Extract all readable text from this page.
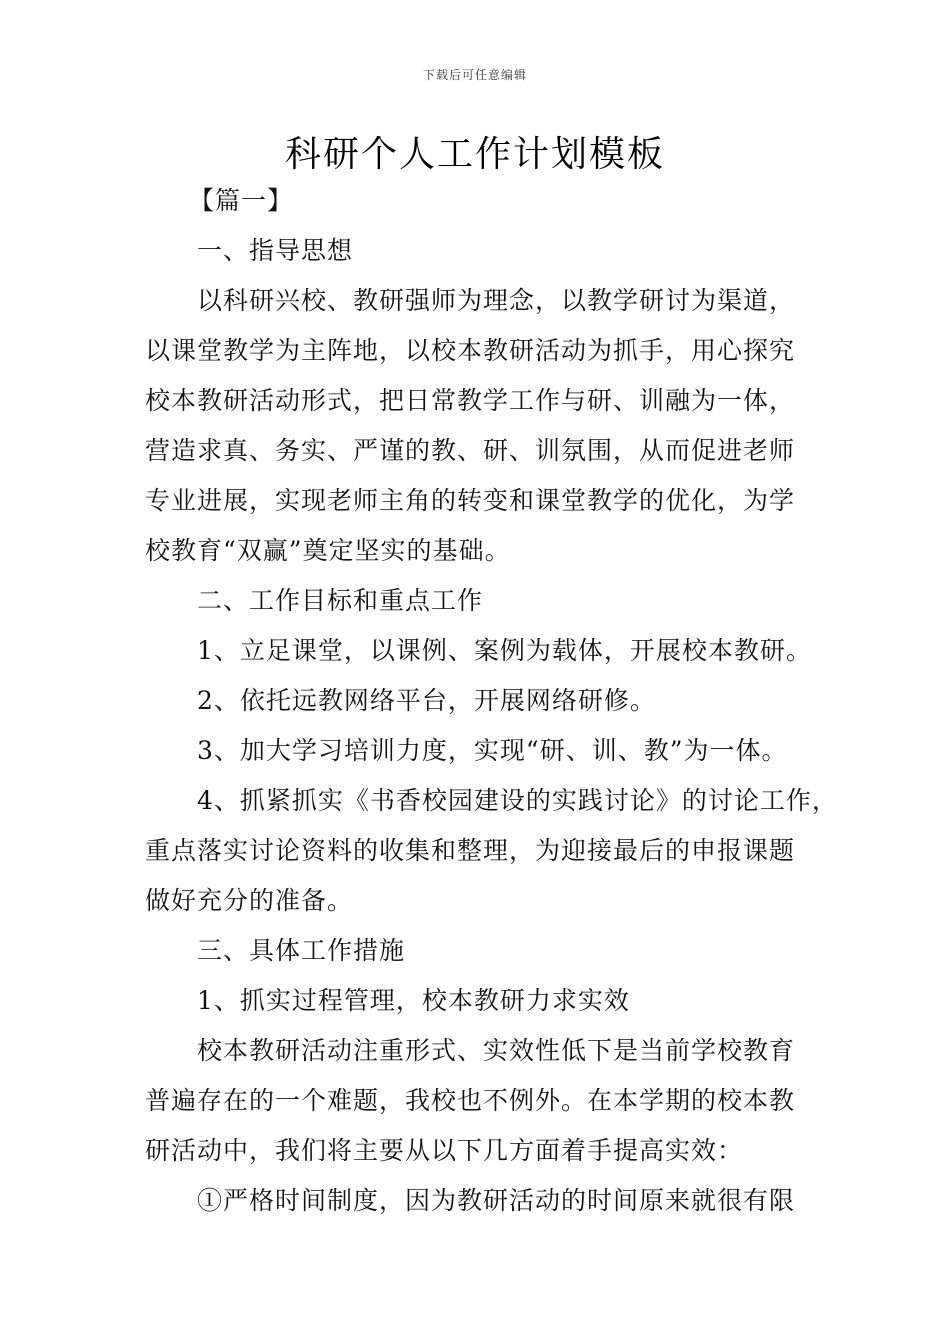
下载后可任意编辑
科研个人工作计划模板

【篇一】

一、指导思想

以科研兴校、教研强师为理念，以教学研讨为渠道，

以课堂教学为主阵地，以校本教研活动为抓手，用心探究

校本教研活动形式，把日常教学工作与研、训融为一体，

营造求真、务实、严谨的教、研、训氛围，从而促进老师

专业进展，实现老师主角的转变和课堂教学的优化，为学

校教育“双赢”奠定坚实的基础。

二、工作目标和重点工作

1、立足课堂，以课例、案例为载体，开展校本教研。

2、依托远教网络平台，开展网络研修。

3、加大学习培训力度，实现“研、训、教”为一体。

4、抓紧抓实《书香校园建设的实践讨论》的讨论工作，

重点落实讨论资料的收集和整理，为迎接最后的申报课题

做好充分的准备。

三、具体工作措施

1、抓实过程管理，校本教研力求实效

校本教研活动注重形式、实效性低下是当前学校教育

普遍存在的一个难题，我校也不例外。在本学期的校本教

研活动中，我们将主要从以下几方面着手提高实效：

①严格时间制度，因为教研活动的时间原来就很有限
